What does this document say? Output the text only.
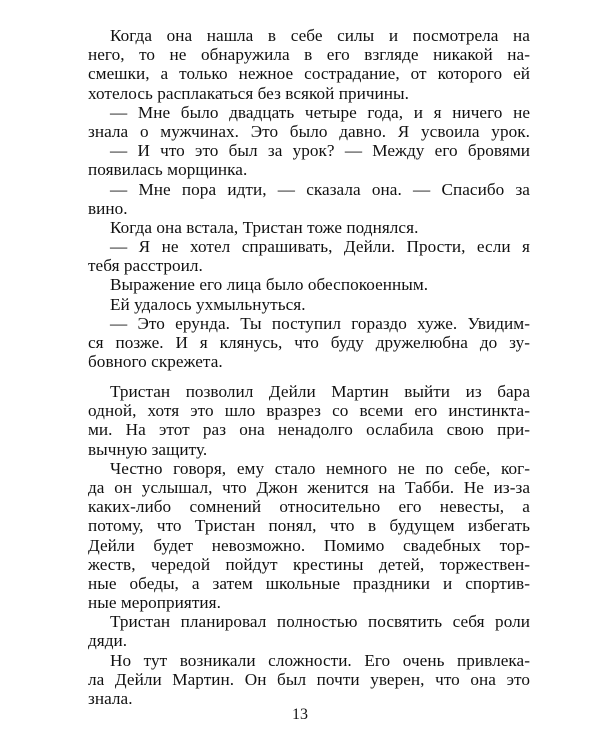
Когда она нашла в себе силы и посмотрела на
него, то не обнаружила в его взгляде никакой на-
смешки, а только нежное сострадание, от которого ей
хотелось расплакаться без всякой причины.
— Мне было двадцать четыре года, и я ничего не
знала о мужчинах. Это было давно. Я усвоила урок.
— И что это был за урок? — Между его бровями
появилась морщинка.
— Мне пора идти, — сказала она. — Спасибо за
вино.
Когда она встала, Тристан тоже поднялся.
— Я не хотел спрашивать, Дейли. Прости, если я
тебя расстроил.
Выражение его лица было обеспокоенным.
Ей удалось ухмыльнуться.
— Это ерунда. Ты поступил гораздо хуже. Увидим-
ся позже. И я клянусь, что буду дружелюбна до зу-
бовного скрежета.
Тристан позволил Дейли Мартин выйти из бара
одной, хотя это шло вразрез со всеми его инстинкта-
ми. На этот раз она ненадолго ослабила свою при-
вычную защиту.
Честно говоря, ему стало немного не по себе, ког-
да он услышал, что Джон женится на Табби. Не из-за
каких-либо сомнений относительно его невесты, а
потому, что Тристан понял, что в будущем избегать
Дейли будет невозможно. Помимо свадебных тор-
жеств, чередой пойдут крестины детей, торжествен-
ные обеды, а затем школьные праздники и спортив-
ные мероприятия.
Тристан планировал полностью посвятить себя роли
дяди.
Но тут возникали сложности. Его очень привлека-
ла Дейли Мартин. Он был почти уверен, что она это
знала.
13
